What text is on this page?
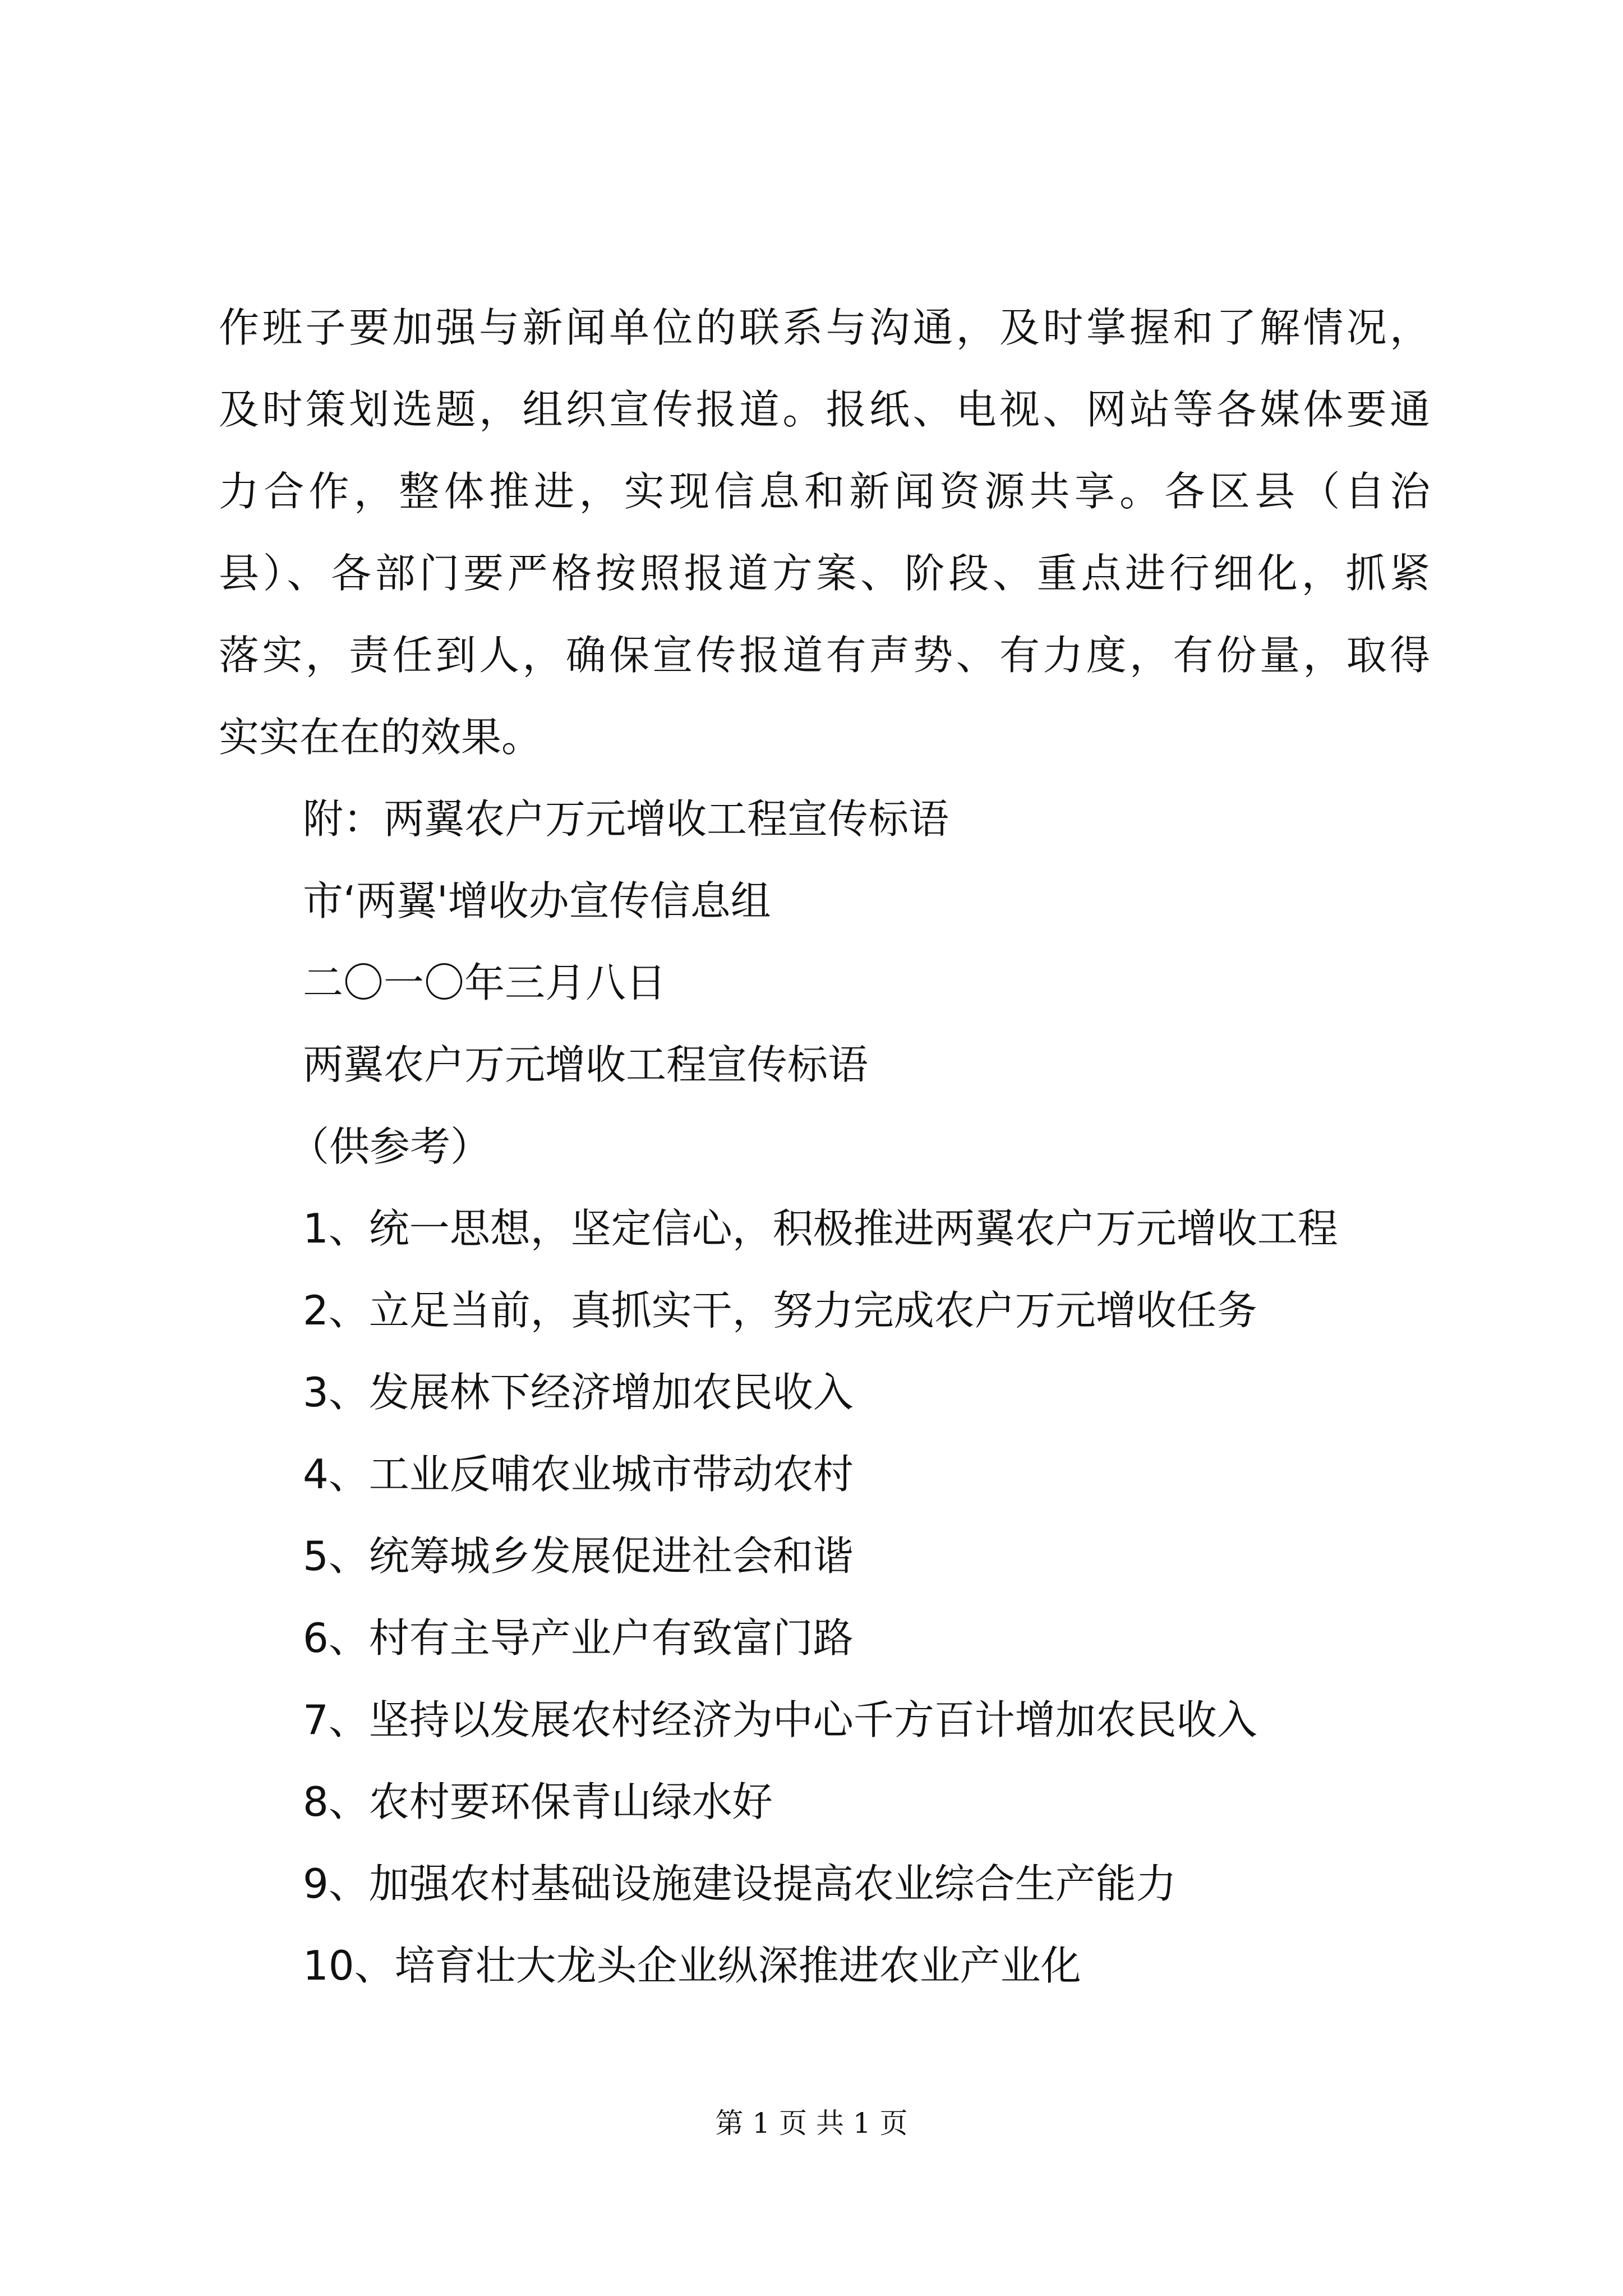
作班子要加强与新闻单位的联系与沟通，及时掌握和了解情况，
及时策划选题，组织宣传报道。报纸、电视、网站等各媒体要通
力合作，整体推进，实现信息和新闻资源共享。各区县（自治
县）、各部门要严格按照报道方案、阶段、重点进行细化，抓紧
落实，责任到人，确保宣传报道有声势、有力度，有份量，取得
实实在在的效果。
附：两翼农户万元增收工程宣传标语
市‘两翼'增收办宣传信息组
二〇一〇年三月八日
两翼农户万元增收工程宣传标语
（供参考）
1、统一思想，坚定信心，积极推进两翼农户万元增收工程
2、立足当前，真抓实干，努力完成农户万元增收任务
3、发展林下经济增加农民收入
4、工业反哺农业城市带动农村
5、统筹城乡发展促进社会和谐
6、村有主导产业户有致富门路
7、坚持以发展农村经济为中心千方百计增加农民收入
8、农村要环保青山绿水好
9、加强农村基础设施建设提高农业综合生产能力
10、培育壮大龙头企业纵深推进农业产业化
第 1 页 共 1 页
